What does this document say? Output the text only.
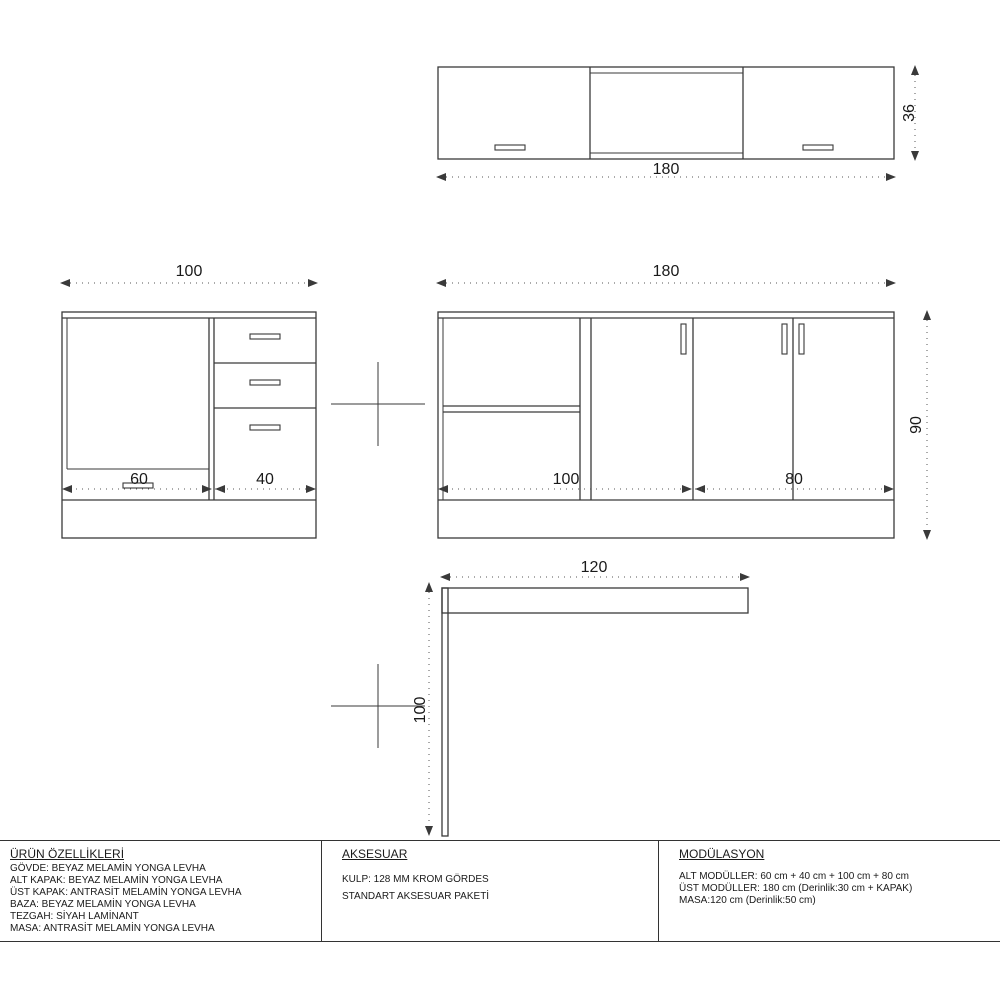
180
36
100
60	40
180
100	80
90
120
100
ÜRÜN ÖZELLİKLERİ
GÖVDE: BEYAZ MELAMİN YONGA LEVHA
ALT KAPAK: BEYAZ MELAMİN YONGA LEVHA
ÜST KAPAK: ANTRASİT MELAMİN YONGA LEVHA
BAZA: BEYAZ MELAMİN YONGA LEVHA
TEZGAH: SİYAH LAMİNANT
MASA: ANTRASİT MELAMİN YONGA LEVHA
AKSESUAR
KULP: 128 MM KROM GÖRDES
STANDART AKSESUAR PAKETİ
MODÜLASYON
ALT MODÜLLER: 60 cm + 40 cm + 100 cm + 80 cm
ÜST MODÜLLER: 180 cm (Derinlik:30 cm + KAPAK)
MASA:120 cm (Derinlik:50 cm)
